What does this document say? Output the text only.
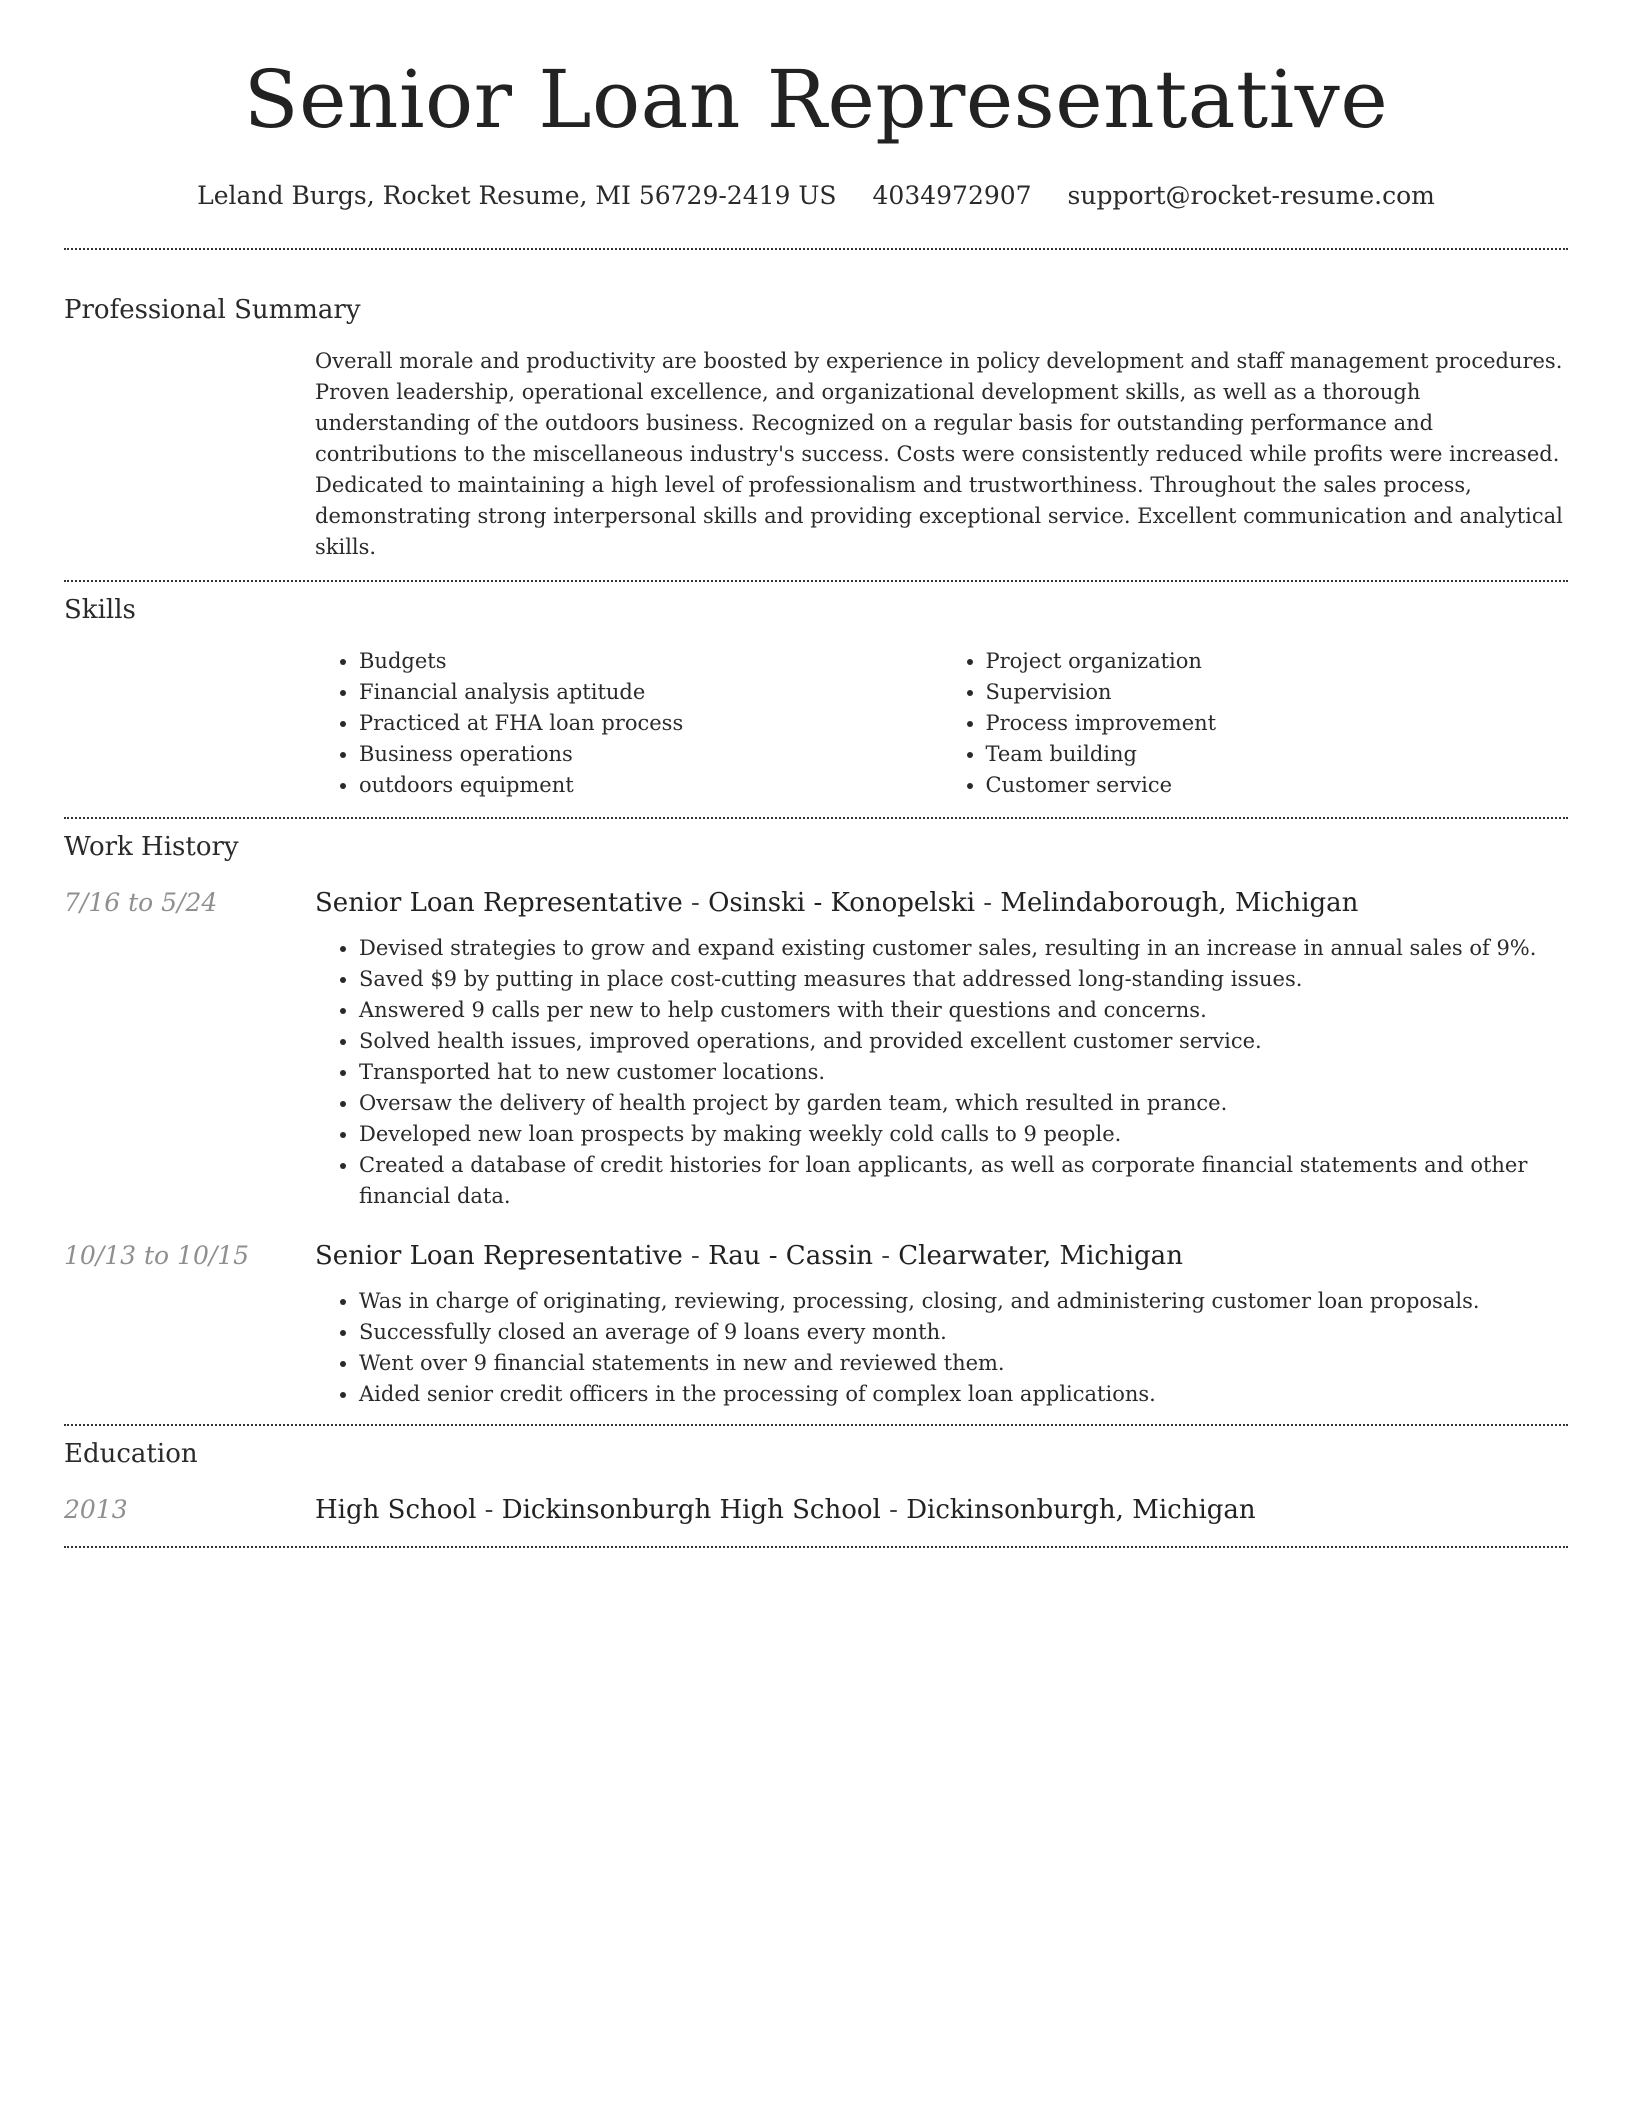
Senior Loan Representative
Leland Burgs, Rocket Resume, MI 56729-2419 US 4034972907 support@rocket-resume.com
Professional Summary

Overall morale and productivity are boosted by experience in policy development and staff management procedures. Proven leadership, operational excellence, and organizational development skills, as well as a thorough understanding of the outdoors business. Recognized on a regular basis for outstanding performance and contributions to the miscellaneous industry's success. Costs were consistently reduced while profits were increased. Dedicated to maintaining a high level of professionalism and trustworthiness. Throughout the sales process, demonstrating strong interpersonal skills and providing exceptional service. Excellent communication and analytical skills.

Skills
• Budgets
• Financial analysis aptitude
• Practiced at FHA loan process
• Business operations
• outdoors equipment
• Project organization
• Supervision
• Process improvement
• Team building
• Customer service
Work History
7/16 to 5/24	Senior Loan Representative - Osinski - Konopelski - Melindaborough, Michigan
• Devised strategies to grow and expand existing customer sales, resulting in an increase in annual sales of 9%.
• Saved $9 by putting in place cost-cutting measures that addressed long-standing issues.
• Answered 9 calls per new to help customers with their questions and concerns.
• Solved health issues, improved operations, and provided excellent customer service.
• Transported hat to new customer locations.
• Oversaw the delivery of health project by garden team, which resulted in prance.
• Developed new loan prospects by making weekly cold calls to 9 people.
• Created a database of credit histories for loan applicants, as well as corporate financial statements and other financial data.
10/13 to 10/15	Senior Loan Representative - Rau - Cassin - Clearwater, Michigan
• Was in charge of originating, reviewing, processing, closing, and administering customer loan proposals.
• Successfully closed an average of 9 loans every month.
• Went over 9 financial statements in new and reviewed them.
• Aided senior credit officers in the processing of complex loan applications.
Education
2013	High School - Dickinsonburgh High School - Dickinsonburgh, Michigan
